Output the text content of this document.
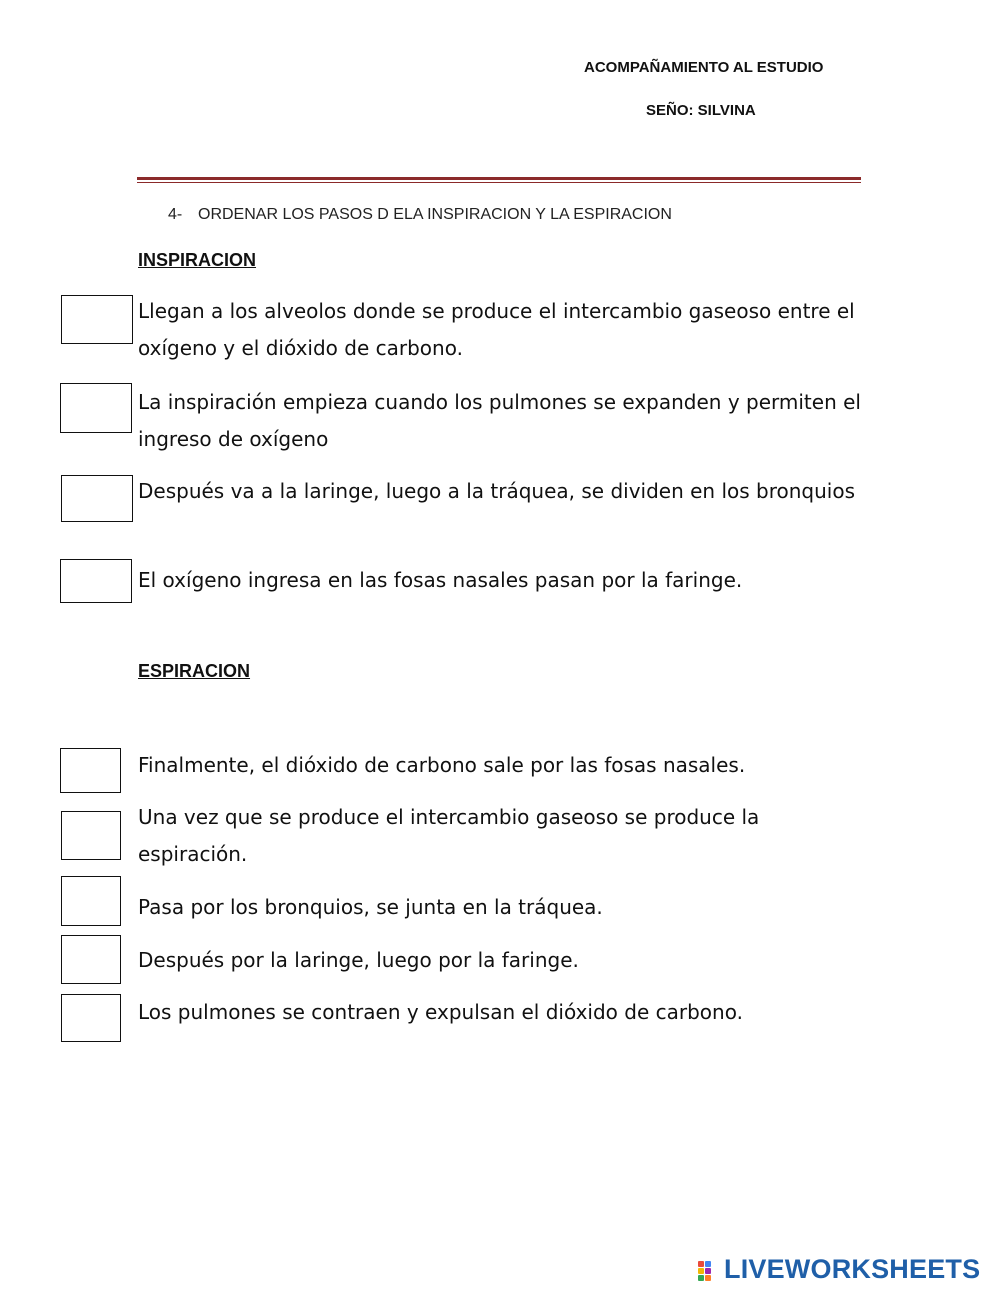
ACOMPAÑAMIENTO AL ESTUDIO
SEÑO: SILVINA
4- ORDENAR LOS PASOS D ELA INSPIRACION Y LA ESPIRACION
INSPIRACION
Llegan a los alveolos donde se produce el intercambio gaseoso entre el oxígeno y el dióxido de carbono.
La inspiración empieza cuando los pulmones se expanden y permiten el ingreso de oxígeno
Después va a la laringe, luego a la tráquea, se dividen en los bronquios
El oxígeno ingresa en las fosas nasales pasan por la faringe.
ESPIRACION
Finalmente, el dióxido de carbono sale por las fosas nasales.
Una vez que se produce el intercambio gaseoso se produce la espiración.
Pasa por los bronquios, se junta en la tráquea.
Después por la laringe, luego por la faringe.
Los pulmones se contraen y expulsan el dióxido de carbono.
LIVEWORKSHEETS
